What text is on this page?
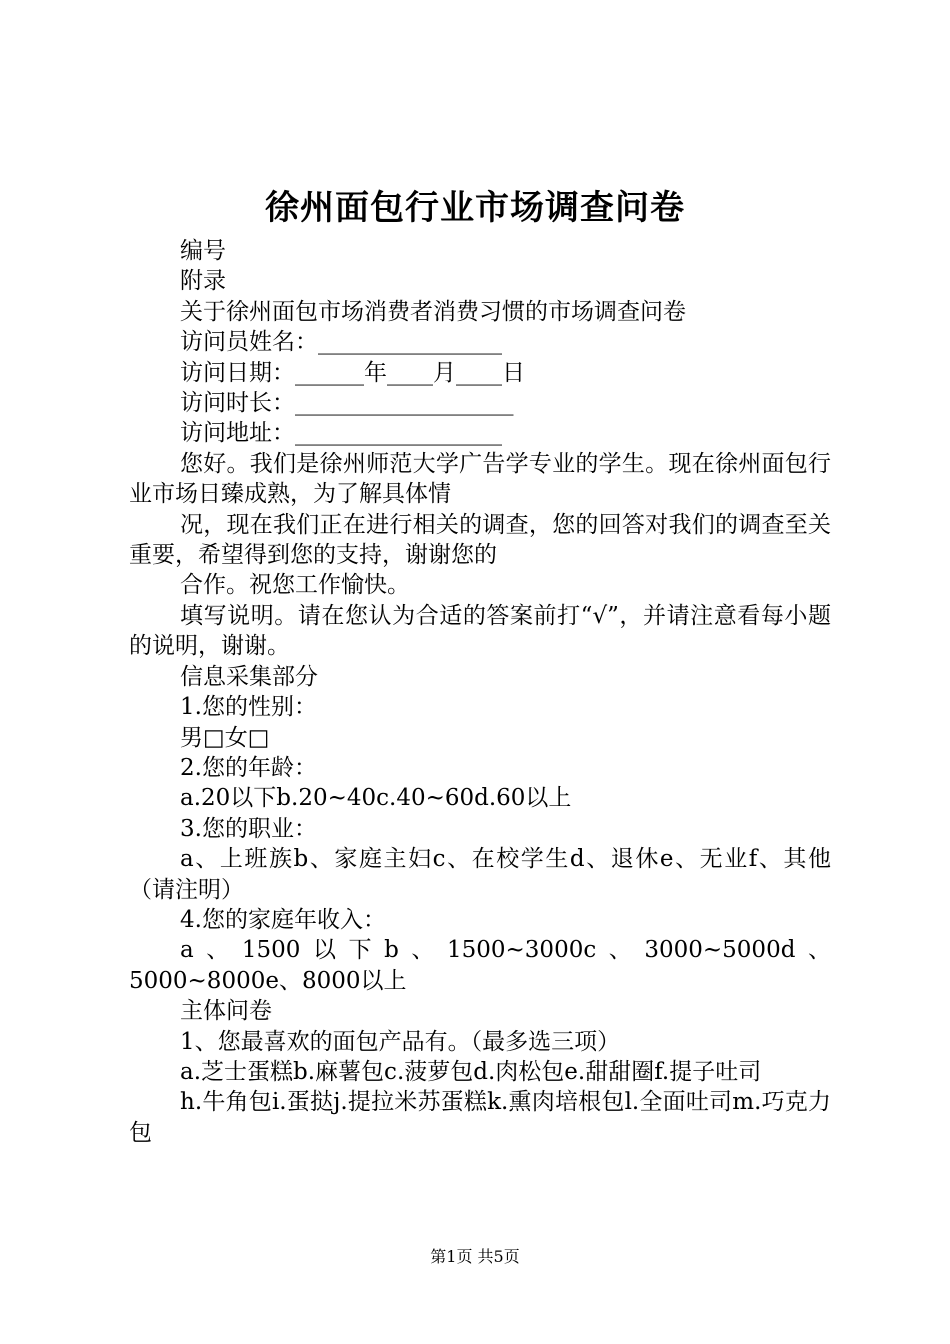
徐州面包行业市场调查问卷

编号

附录

关于徐州面包市场消费者消费习惯的市场调查问卷

访问员姓名：________________

访问日期：______年____月____日

访问时长：___________________

访问地址：__________________

您好。我们是徐州师范大学广告学专业的学生。现在徐州面包行业市场日臻成熟，为了解具体情

况，现在我们正在进行相关的调查，您的回答对我们的调查至关重要，希望得到您的支持，谢谢您的

合作。祝您工作愉快。

填写说明。请在您认为合适的答案前打“√”，并请注意看每小题的说明，谢谢。

信息采集部分

1.您的性别：

男□女□

2.您的年龄：

a.20以下b.20~40c.40~60d.60以上

3.您的职业：

a、上班族b、家庭主妇c、在校学生d、退休e、无业f、其他（请注明）

4.您的家庭年收入：

a、1500以下b、1500~3000c、3000~5000d、5000~8000e、8000以上

主体问卷

1、您最喜欢的面包产品有。（最多选三项）

a.芝士蛋糕b.麻薯包c.菠萝包d.肉松包e.甜甜圈f.提子吐司

h.牛角包i.蛋挞j.提拉米苏蛋糕k.熏肉培根包l.全面吐司m.巧克力包

第1页 共5页
